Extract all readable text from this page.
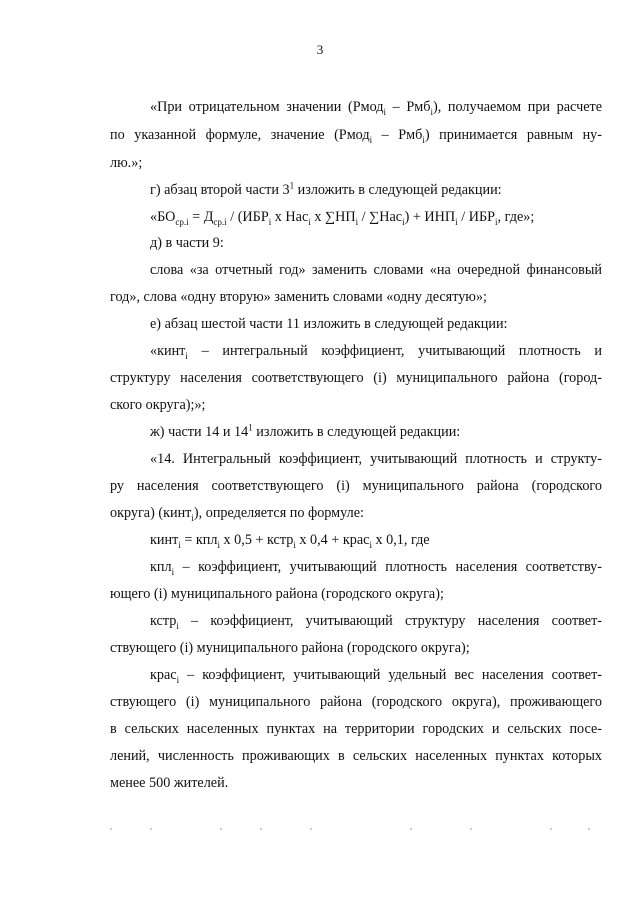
3
«При отрицательном значении (Рмод$_i$ – Рмб$_i$), получаемом при расчете
по указанной формуле, значение (Рмод$_i$ – Рмб$_i$) принимается равным ну-
лю.»;
г) абзац второй части $3^1$ изложить в следующей редакции:
«$БО_{ср.i} = Д_{ср.i} / (ИБР_i$ х Нас$_i$ х $\sum НП_i / \sum Нас_i) + ИНП_i / ИБР_i$, где»;
д) в части 9:
слова «за отчетный год» заменить словами «на очередной финансовый
год», слова «одну вторую» заменить словами «одну десятую»;
е) абзац шестой части 11 изложить в следующей редакции:
«кинт$_i$ – интегральный коэффициент, учитывающий плотность и
структуру населения соответствующего (i) муниципального района (город-
ского округа);»;
ж) части 14 и $14^1$ изложить в следующей редакции:
«14. Интегральный коэффициент, учитывающий плотность и структу-
ру населения соответствующего (i) муниципального района (городского
округа) (кинт$_i$), определяется по формуле:
кинт$_i$ = кпл$_i$ х 0,5 + кстр$_i$ х 0,4 + крас$_i$ х 0,1, где
кпл$_i$ – коэффициент, учитывающий плотность населения соответству-
ющего (i) муниципального района (городского округа);
кстр$_i$ – коэффициент, учитывающий структуру населения соответ-
ствующего (i) муниципального района (городского округа);
крас$_i$ – коэффициент, учитывающий удельный вес населения соответ-
ствующего (i) муниципального района (городского округа), проживающего
в сельских населенных пунктах на территории городских и сельских посе-
лений, численность проживающих в сельских населенных пунктах которых
менее 500 жителей.
